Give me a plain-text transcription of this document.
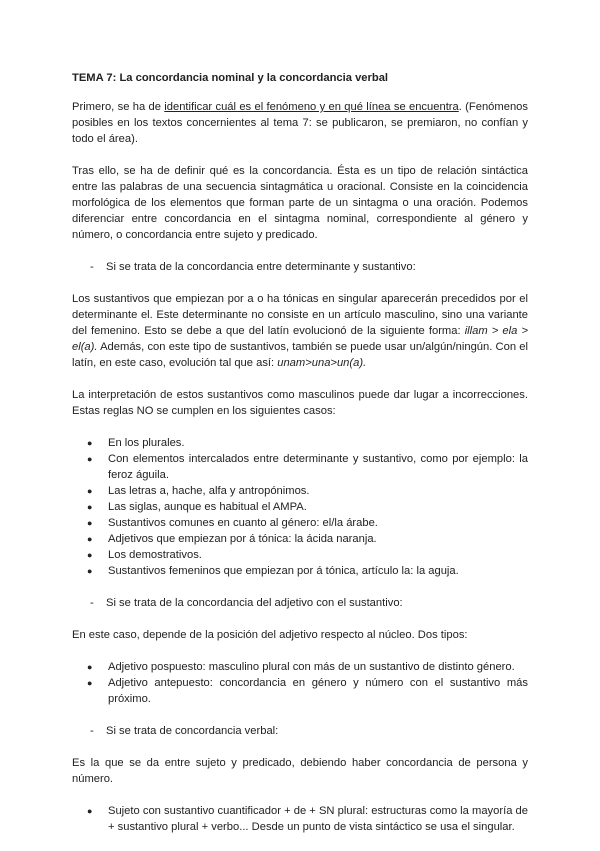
TEMA 7: La concordancia nominal y la concordancia verbal

Primero, se ha de identificar cuál es el fenómeno y en qué línea se encuentra. (Fenómenos posibles en los textos concernientes al tema 7: se publicaron, se premiaron, no confían y todo el área).

Tras ello, se ha de definir qué es la concordancia. Ésta es un tipo de relación sintáctica entre las palabras de una secuencia sintagmática u oracional. Consiste en la coincidencia morfológica de los elementos que forman parte de un sintagma o una oración. Podemos diferenciar entre concordancia en el sintagma nominal, correspondiente al género y número, o concordancia entre sujeto y predicado.

-	Si se trata de la concordancia entre determinante y sustantivo:

Los sustantivos que empiezan por a o ha tónicas en singular aparecerán precedidos por el determinante el. Este determinante no consiste en un artículo masculino, sino una variante del femenino. Esto se debe a que del latín evolucionó de la siguiente forma: illam > ela > el(a). Además, con este tipo de sustantivos, también se puede usar un/algún/ningún. Con el latín, en este caso, evolución tal que así: unam>una>un(a).

La interpretación de estos sustantivos como masculinos puede dar lugar a incorrecciones. Estas reglas NO se cumplen en los siguientes casos:

●	En los plurales.
●	Con elementos intercalados entre determinante y sustantivo, como por ejemplo: la feroz águila.
●	Las letras a, hache, alfa y antropónimos.
●	Las siglas, aunque es habitual el AMPA.
●	Sustantivos comunes en cuanto al género: el/la árabe.
●	Adjetivos que empiezan por á tónica: la ácida naranja.
●	Los demostrativos.
●	Sustantivos femeninos que empiezan por á tónica, artículo la: la aguja.
-	Si se trata de la concordancia del adjetivo con el sustantivo:

En este caso, depende de la posición del adjetivo respecto al núcleo. Dos tipos:

●	Adjetivo pospuesto: masculino plural con más de un sustantivo de distinto género.
●	Adjetivo antepuesto: concordancia en género y número con el sustantivo más próximo.
-	Si se trata de concordancia verbal:

Es la que se da entre sujeto y predicado, debiendo haber concordancia de persona y número.

●	Sujeto con sustantivo cuantificador + de + SN plural: estructuras como la mayoría de + sustantivo plural + verbo... Desde un punto de vista sintáctico se usa el singular.
